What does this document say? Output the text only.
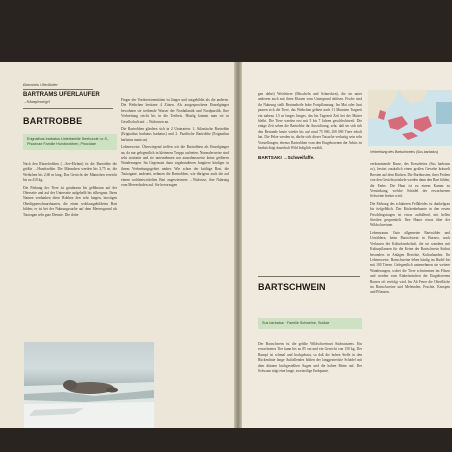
Barramis Uferläufer
BARTRAMS UFERLAUFER
→Schnepfenvögel
BARTROBBE
Erignathus barbatus Unterfamilie Seehunde i.e.S., Phocinae Familie Hundsrobben, Phocidae

Nach den Rüsselrobben (→See-Elefant) ist die Bartrobbe die größte →Hundsrobbe. Die Männchen werden bis 3,75 m, die Weibchen bis 2,60 m lang. Das Gewicht der Männchen erreicht bis zu 410 kg.

Die Färbung der Tiere ist graubraun bis gelbbraun auf der Oberseite und auf der Unterseite aufgehellt bis silbergrau. Ihren Namen verdanken diese Robben den sehr langen, borstigen Oberlippenschnurrhaaren, die einen wohlausgebildeten Bart bilden; er ist bei der Nahrungssuche auf dem Meeresgrund als Tastorgan sehr gute Dienste. Die dritte

Finger der Vorderextremitäten ist länger und ausgebildet als die anderen. Die Weibchen besitzen 4 Zitzen. Als ausgesprochene Einzelgänger bewohnen sie treibende Wasser der Nordatlantik und Nordpazifik. Ihre Verbreitung reicht bis in die Treibeis. Häufig kommt man sie in Gesellschaft mit →Walrossen an.

Die Bartrobben gliedern sich in 2 Unterarten: 1. Atlantische Bartrobbe (Erignathus barbatus barbatus) und 2. Pazifische Bartrobbe (Erignathus barbatus nauticus).

Lebensweise. Überwiegend treffen wir die Bartrobben als Einzelgänger an, da nur gelegentlich in kleineren Trupps auftreten. Normalerweise sind sehr stationär und sie unternehmen nur ausnahmsweise keine größeren Wanderungen. Im Gegensatz dazu vagabundieren Jungtiere häufiger in ihrem Verbreitungsgebiet umher. Wie schon der kräftige Bart, die Tastorgane, andeutet, nehmen die Bartrobben, wie übrigens auch die auf einem wohlentwickelten Bart angewiesenen →Walrosse, ihre Nahrung vom Meeresboden auf. Sie bevorzugen

gen dabei) Weichtiere (Muscheln und Schnecken), die sie unter anderem auch mit ihren Klauen vom Untergrund ablösen. Fische sind ihr Nahrung stellt Bestandteile hohe Fortpflanzung. Im Mai oder Juni paaren sich die Tiere, das Weibchen gebiert nach 11 Monaten Tragzeit ein nahezu 1,5 m langes Junges, das bis Tagezeit Zeit bei der Mutter bleibt. Die Tiere werden erst mit 5 bis 7 Jahren geschlechtsreif. Die einige Zeit sehen die Bartrobbe ihr Ausrichtung, sehr, daß sie sich inb den Bestande heute wieder bis auf rund 75 000–100 000 Tiere erholt hat. Die Pelze werden in, dürfte sich dieser Tatsache verlustig sein sehr Vorstellungen, ebenso Bartrobben vom den Eingeborenen der Arktis ist beabsichtigt dauerhaft Wild lediglich erzählt.

BARTSAKI →Schweifaffe.

BARTSCHWEIN
Sus barbatus · Familie Schweine, Suidae

Der Bartschwein ist die größte Wildschweinart Südostasiens. Ein erwachsenes Tier kann bis zu 85 cm und ein Gewicht von 150 kg. Der Rumpf ist schmal und hochgebaut, so daß die hohen Stelle in den Rückenlinie lange Auffallendes bilden der langgestreckte Schädel mit dem dünnen hochgestellten Augen und die hohen Beine auf. Der Schwanz trägt eine lange, zweizeilige Endquaste.

Verbreitung des Bartschweins (Sus barbatus)

verkommende Rasse, des Kreuzbeins (Sus barbatus oc), besitzt zusätzlich einen großen Gewebe kräuselt Borsten auf dem Rücken. Die Bartborsten, ihrer Proben von den Gesichtswinkeln werden dann den Bart bilden, die Farbe. Die Haut ist zu einem Kamm zu Verstärkung, welche Schädel der erwachsenen Schweine breiter wird.

Die Färbung des schütteren Fellkleides ist dunkelgrau bis tiefgelblich. Das Rückenbehaarte in den ersten Frischlingstragen ist etwas auffallend, mit hellen Streifen gesprenkelt. Ihre Hauer etwas über der Wildschweinen.

Lebensraum. Gute allgemeine Bartwälder und Urwäldern, beim Bartschwein in Borneo, nach Verlassen der Kulturlandschaft, die sie wandern mit Kulturpflanzen für die Keine der Bartschwein Südost besonders in Anlagen Berichte, Kulturhanden. Ihr Lebensweise. Bartschweine leben häufig im Rudel bis mit 100 Tieren. Gelegentlich unternehmen sie weitere Wanderungen, wobei die Tiere schwimmen im Flüsse und werden vom Einheimischen der Eingeborenen Bornes oft verfolgt wird. Im Ab Feuer die Oberfläche im Bartschweine und Meleinden, Fruchte, Knospen und Pflanzen.
